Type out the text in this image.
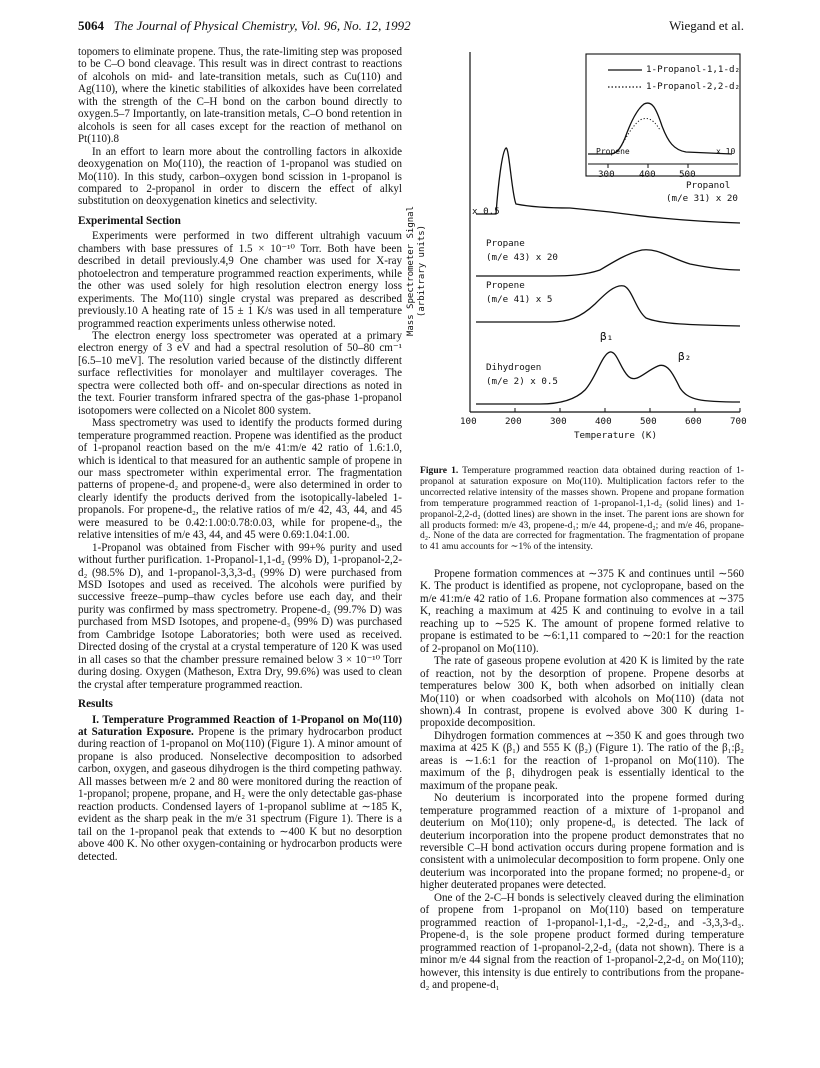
5064 The Journal of Physical Chemistry, Vol. 96, No. 12, 1992	Wiegand et al.

topomers to eliminate propene. Thus, the rate-limiting step was proposed to be C–O bond cleavage. This result was in direct contrast to reactions of alcohols on mid- and late-transition metals, such as Cu(110) and Ag(110), where the kinetic stabilities of alkoxides have been correlated with the strength of the C–H bond on the carbon bound directly to oxygen.5–7 Importantly, on late-transition metals, C–O bond retention in alcohols is seen for all cases except for the reaction of methanol on Pt(110).8

In an effort to learn more about the controlling factors in alkoxide deoxygenation on Mo(110), the reaction of 1-propanol was studied on Mo(110). In this study, carbon–oxygen bond scission in 1-propanol is compared to 2-propanol in order to discern the effect of alkyl substitution on deoxygenation kinetics and selectivity.

Experimental Section

Experiments were performed in two different ultrahigh vacuum chambers with base pressures of 1.5 × 10⁻¹⁰ Torr. Both have been described in detail previously.4,9 One chamber was used for X-ray photoelectron and temperature programmed reaction experiments, while the other was used solely for high resolution electron energy loss experiments. The Mo(110) single crystal was prepared as described previously.10 A heating rate of 15 ± 1 K/s was used in all temperature programmed reaction experiments unless otherwise noted.

The electron energy loss spectrometer was operated at a primary electron energy of 3 eV and had a spectral resolution of 50–80 cm⁻¹ [6.5–10 meV]. The resolution varied because of the distinctly different surface reflectivities for monolayer and multilayer coverages. The spectra were collected both off- and on-specular directions as noted in the text. Fourier transform infrared spectra of the gas-phase 1-propanol isotopomers were collected on a Nicolet 800 system.

Mass spectrometry was used to identify the products formed during temperature programmed reaction. Propene was identified as the product of 1-propanol reaction based on the m/e 41:m/e 42 ratio of 1.6:1.0, which is identical to that measured for an authentic sample of propene in our mass spectrometer within experimental error. The fragmentation patterns of propene-d₂ and propene-d₃ were also determined in order to clearly identify the products derived from the isotopically-labeled 1-propanols. For propene-d₂, the relative ratios of m/e 42, 43, 44, and 45 were measured to be 0.42:1.00:0.78:0.03, while for propene-d₃, the relative intensities of m/e 43, 44, and 45 were 0.69:1.04:1.00.

1-Propanol was obtained from Fischer with 99+% purity and used without further purification. 1-Propanol-1,1-d₂ (99% D), 1-propanol-2,2-d₂ (98.5% D), and 1-propanol-3,3,3-d₃ (99% D) were purchased from MSD Isotopes and used as received. The alcohols were purified by successive freeze–pump–thaw cycles before use each day, and their purity was confirmed by mass spectrometry. Propene-d₂ (99.7% D) was purchased from MSD Isotopes, and propene-d₃ (99% D) was purchased from Cambridge Isotope Laboratories; both were used as received. Directed dosing of the crystal at a crystal temperature of 120 K was used in all cases so that the chamber pressure remained below 3 × 10⁻¹⁰ Torr during dosing. Oxygen (Matheson, Extra Dry, 99.6%) was used to clean the crystal after temperature programmed reaction.

Results

I. Temperature Programmed Reaction of 1-Propanol on Mo(110) at Saturation Exposure. Propene is the primary hydrocarbon product during reaction of 1-propanol on Mo(110) (Figure 1). A minor amount of propane is also produced. Nonselective decomposition to adsorbed carbon, oxygen, and gaseous dihydrogen is the third competing pathway. All masses between m/e 2 and 80 were monitored during the reaction of 1-propanol; propene, propane, and H₂ were the only detectable gas-phase reaction products. Condensed layers of 1-propanol sublime at ∼185 K, evident as the sharp peak in the m/e 31 spectrum (Figure 1). There is a tail on the 1-propanol peak that extends to ∼400 K but no desorption above 400 K. No other oxygen-containing or hydrocarbon products were detected.

Mass Spectrometer Signal (arbitrary units)
1-Propanol-1,1-d₂
1-Propanol-2,2-d₂
Propene	x 10
300	400	500
Propanol
(m/e 31) x 20
x 0.5
Propane
(m/e 43) x 20
Propene
(m/e 41) x 5
β₁
β₂
Dihydrogen
(m/e 2) x 0.5
100	200	300	400	500	600	700
Temperature (K)
Figure 1. Temperature programmed reaction data obtained during reaction of 1-propanol at saturation exposure on Mo(110). Multiplication factors refer to the uncorrected relative intensity of the masses shown. Propene and propane formation from temperature programmed reaction of 1-propanol-1,1-d₂ (solid lines) and 1-propanol-2,2-d₂ (dotted lines) are shown in the inset. The parent ions are shown for all products formed: m/e 43, propene-d₁; m/e 44, propene-d₂; and m/e 46, propane-d₂. None of the data are corrected for fragmentation. The fragmentation of propane to 41 amu accounts for ∼1% of the intensity.

Propene formation commences at ∼375 K and continues until ∼560 K. The product is identified as propene, not cyclopropane, based on the m/e 41:m/e 42 ratio of 1.6. Propane formation also commences at ∼375 K, reaching a maximum at 425 K and continuing to evolve in a tail reaching up to ∼525 K. The amount of propene formed relative to propane is estimated to be ∼6:1,11 compared to ∼20:1 for the reaction of 2-propanol on Mo(110).

The rate of gaseous propene evolution at 420 K is limited by the rate of reaction, not by the desorption of propene. Propene desorbs at temperatures below 300 K, both when adsorbed on initially clean Mo(110) or when coadsorbed with alcohols on Mo(110) (data not shown).4 In contrast, propene is evolved above 300 K during 1-propoxide decomposition.

Dihydrogen formation commences at ∼350 K and goes through two maxima at 425 K (β₁) and 555 K (β₂) (Figure 1). The ratio of the β₁:β₂ areas is ∼1.6:1 for the reaction of 1-propanol on Mo(110). The maximum of the β₁ dihydrogen peak is essentially identical to the maximum of the propane peak.

No deuterium is incorporated into the propene formed during temperature programmed reaction of a mixture of 1-propanol and deuterium on Mo(110); only propene-d₀ is detected. The lack of deuterium incorporation into the propene product demonstrates that no reversible C–H bond activation occurs during propene formation and is consistent with a unimolecular decomposition to form propene. Only one deuterium was incorporated into the propane formed; no propene-d₂ or higher deuterated propanes were detected.

One of the 2-C–H bonds is selectively cleaved during the elimination of propene from 1-propanol on Mo(110) based on temperature programmed reaction of 1-propanol-1,1-d₂, -2,2-d₂, and -3,3,3-d₃. Propene-d₁ is the sole propene product formed during temperature programmed reaction of 1-propanol-2,2-d₂ (data not shown). There is a minor m/e 44 signal from the reaction of 1-propanol-2,2-d₂ on Mo(110); however, this intensity is due entirely to contributions from the propane-d₂ and propene-d₁
